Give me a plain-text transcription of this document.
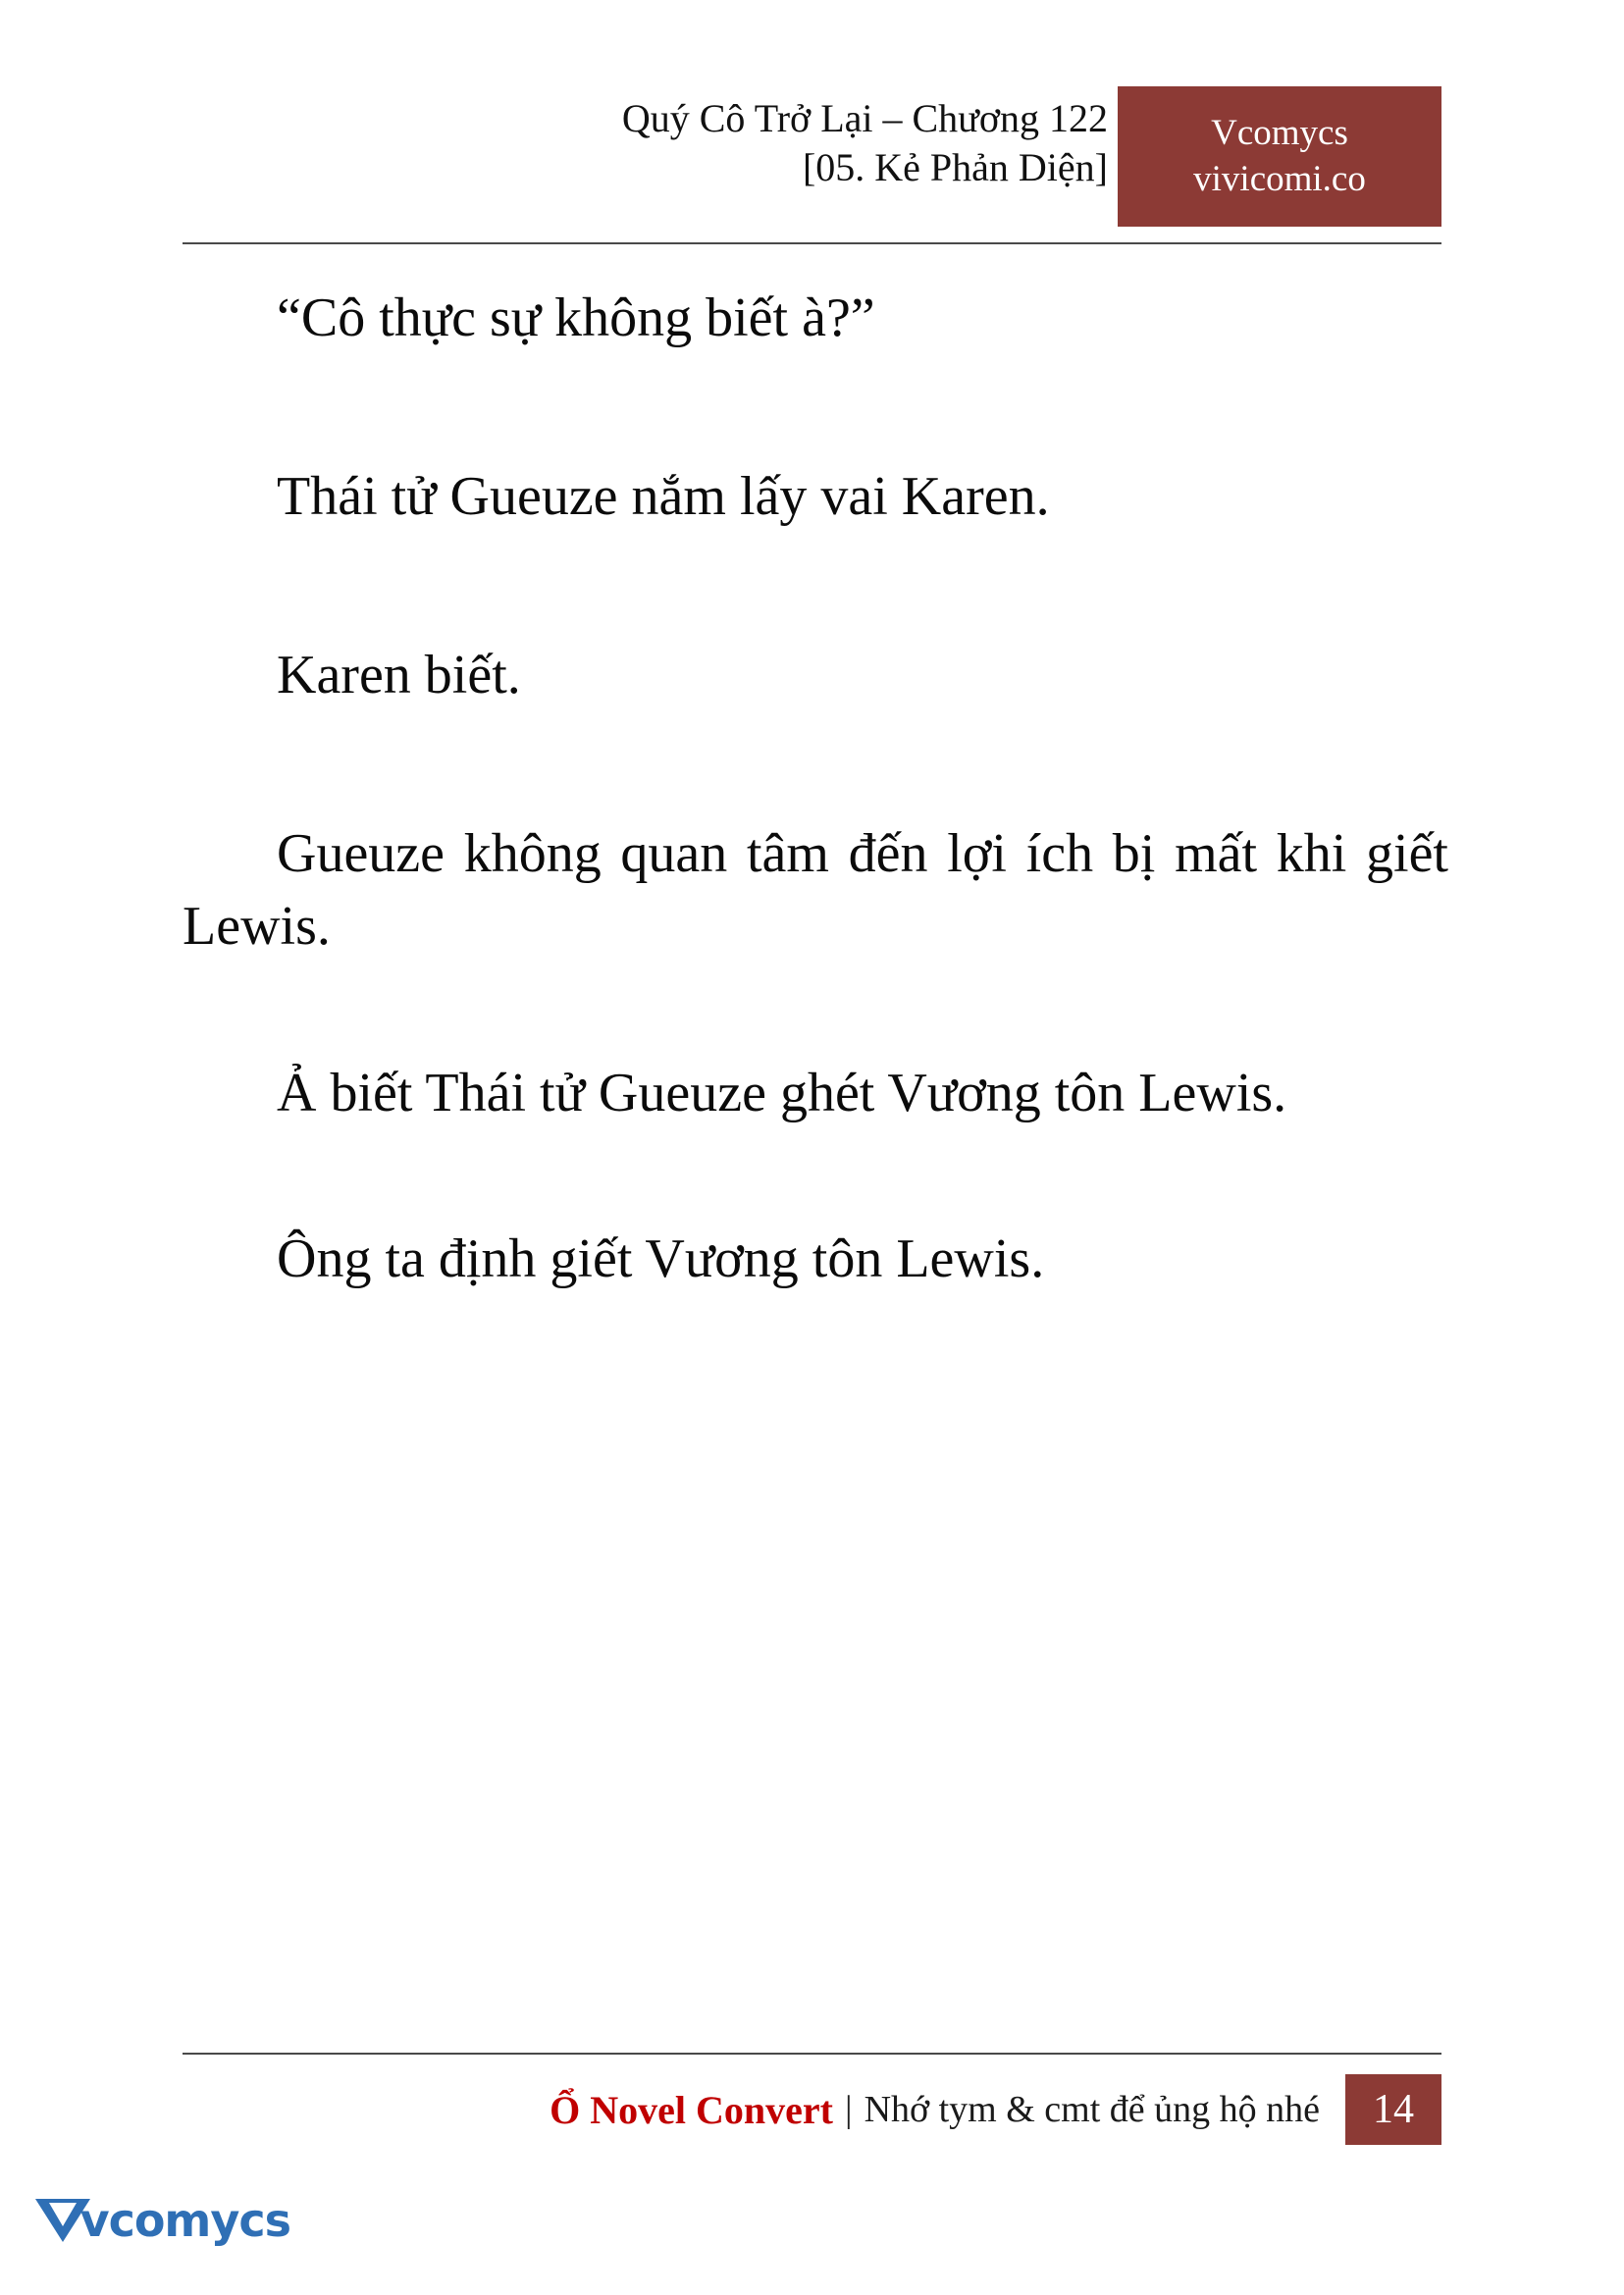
Quý Cô Trở Lại – Chương 122
[05. Kẻ Phản Diện]
Vcomycs
vivicomi.co

“Cô thực sự không biết à?”

Thái tử Gueuze nắm lấy vai Karen.

Karen biết.

Gueuze không quan tâm đến lợi ích bị mất khi giết Lewis.

Ả biết Thái tử Gueuze ghét Vương tôn Lewis.

Ông ta định giết Vương tôn Lewis.

Ổ Novel Convert | Nhớ tym & cmt để ủng hộ nhé	14
vcomycs
